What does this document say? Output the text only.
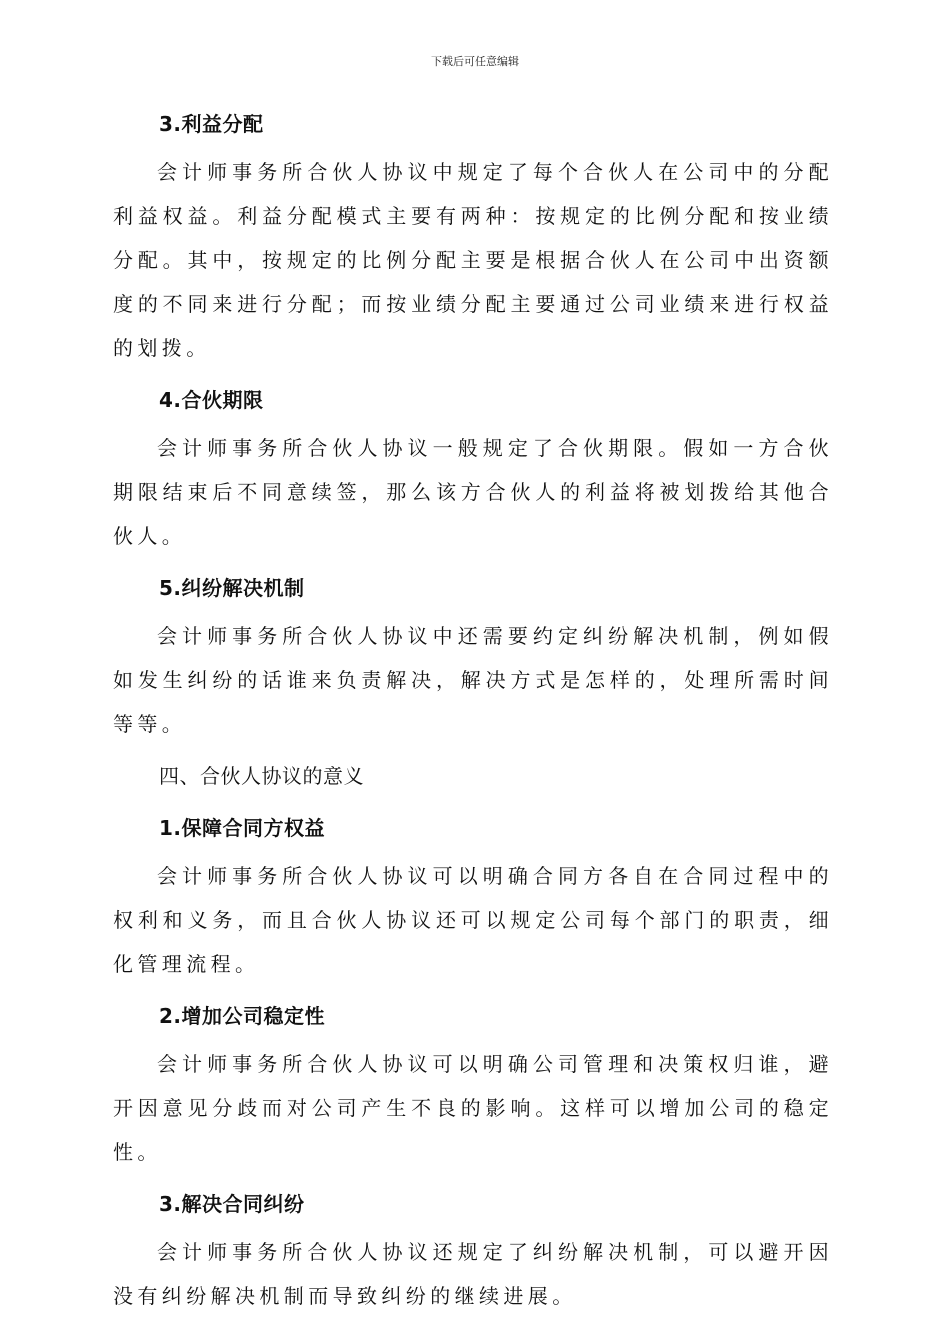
下载后可任意编辑
3.利益分配

会计师事务所合伙人协议中规定了每个合伙人在公司中的分配利益权益。利益分配模式主要有两种：按规定的比例分配和按业绩分配。其中，按规定的比例分配主要是根据合伙人在公司中出资额度的不同来进行分配；而按业绩分配主要通过公司业绩来进行权益的划拨。

4.合伙期限

会计师事务所合伙人协议一般规定了合伙期限。假如一方合伙期限结束后不同意续签，那么该方合伙人的利益将被划拨给其他合伙人。

5.纠纷解决机制

会计师事务所合伙人协议中还需要约定纠纷解决机制，例如假如发生纠纷的话谁来负责解决，解决方式是怎样的，处理所需时间等等。

四、合伙人协议的意义
1.保障合同方权益

会计师事务所合伙人协议可以明确合同方各自在合同过程中的权利和义务，而且合伙人协议还可以规定公司每个部门的职责，细化管理流程。

2.增加公司稳定性

会计师事务所合伙人协议可以明确公司管理和决策权归谁，避开因意见分歧而对公司产生不良的影响。这样可以增加公司的稳定性。

3.解决合同纠纷

会计师事务所合伙人协议还规定了纠纷解决机制，可以避开因没有纠纷解决机制而导致纠纷的继续进展。
